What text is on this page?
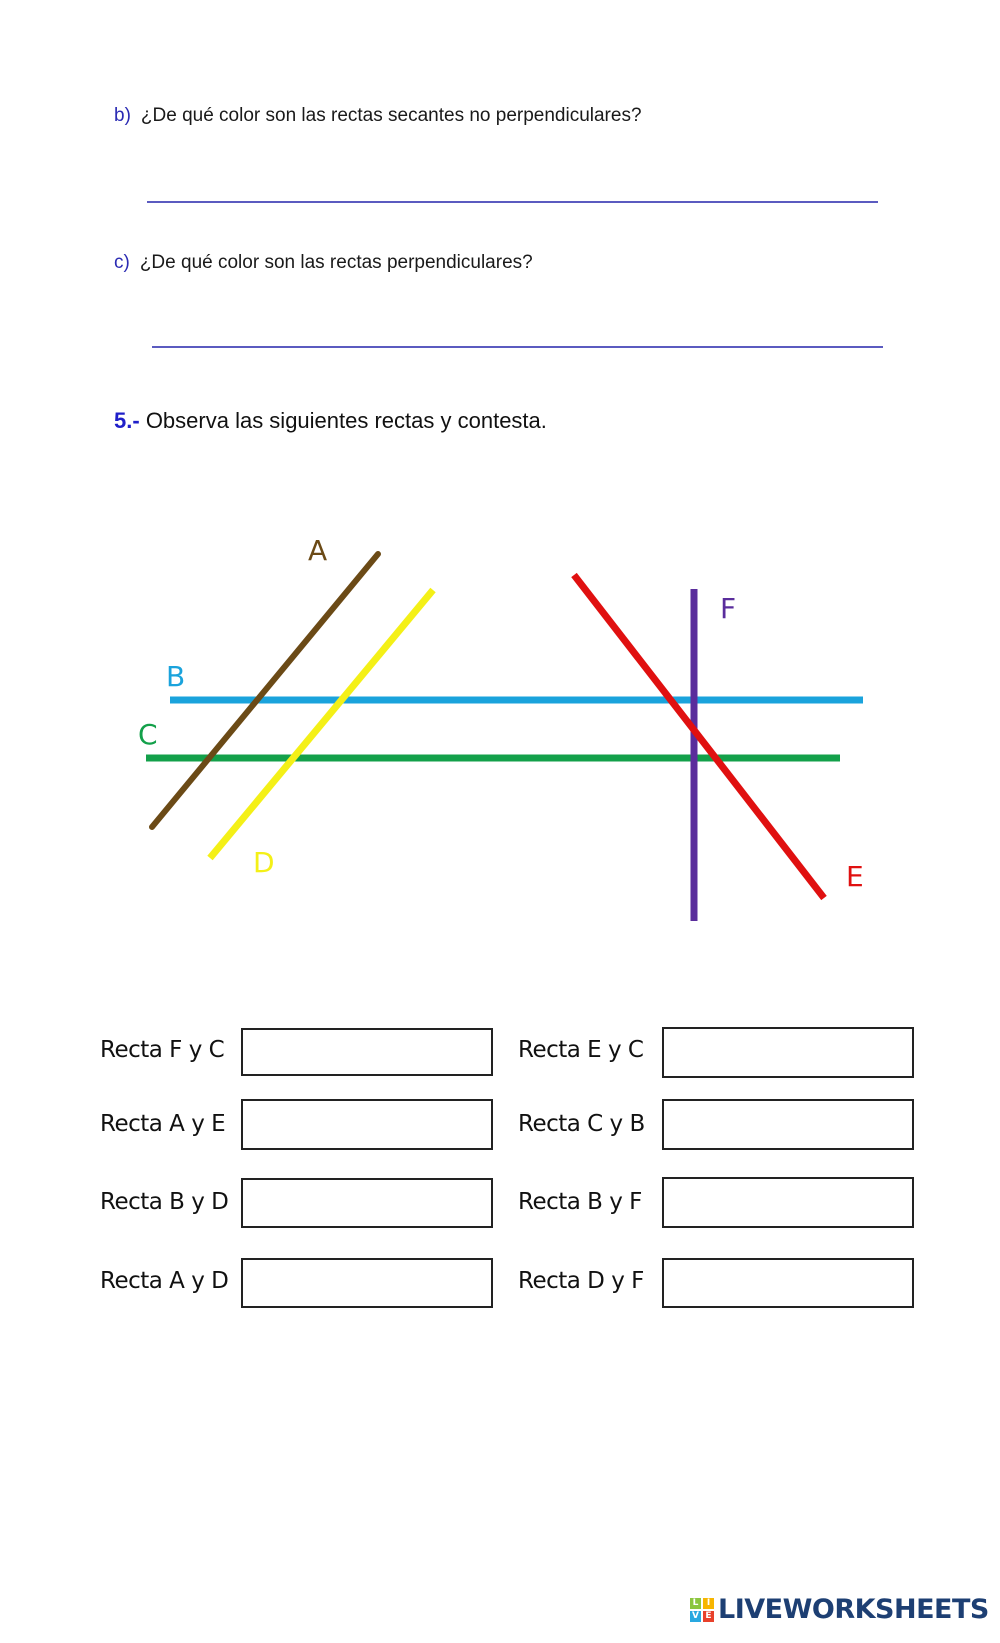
b) ¿De qué color son las rectas secantes no perpendiculares?
c) ¿De qué color son las rectas perpendiculares?
5.- Observa las siguientes rectas y contesta.
A
B
C
D	E
F
Recta F y C
Recta A y E
Recta B y D
Recta A y D
Recta E y C
Recta C y B
Recta B y F
Recta D y F
L I
V E LIVEWORKSHEETS
